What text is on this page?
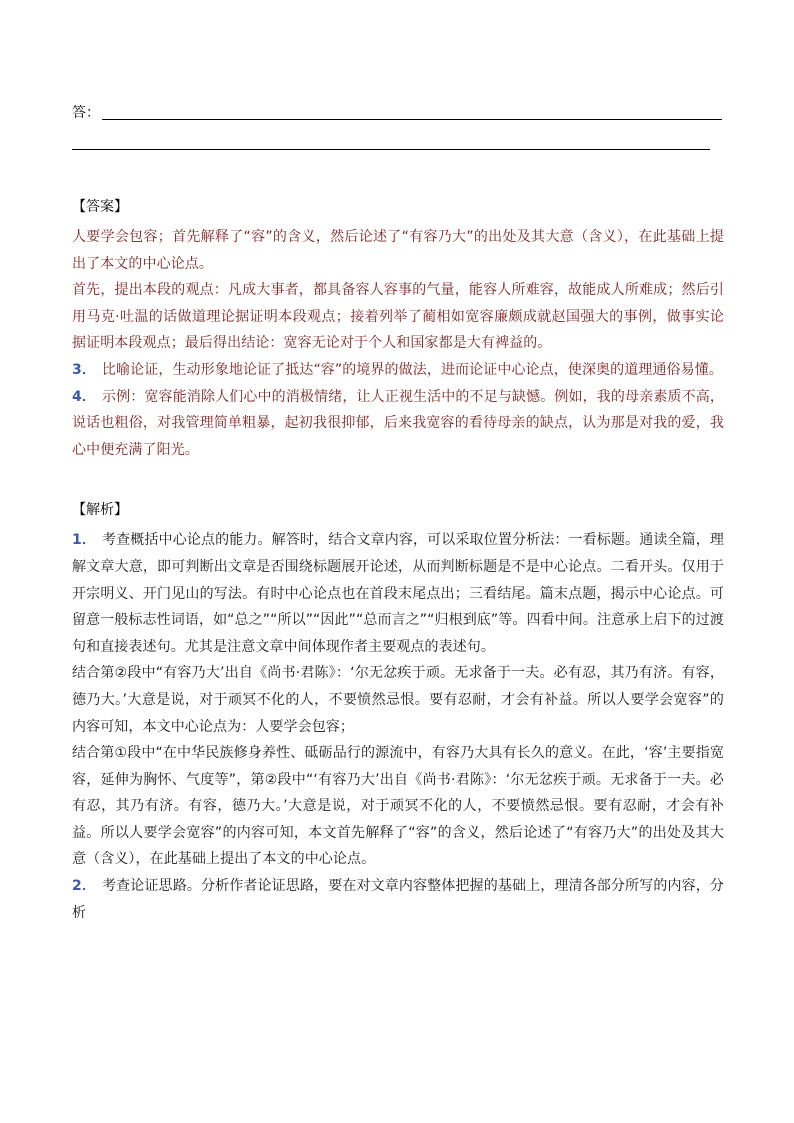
答：
【答案】

人要学会包容；首先解释了“容”的含义，然后论述了“有容乃大”的出处及其大意（含义），在此基础上提出了本文的中心论点。

首先，提出本段的观点：凡成大事者，都具备容人容事的气量，能容人所难容，故能成人所难成；然后引用马克·吐温的话做道理论据证明本段观点；接着列举了蔺相如宽容廉颇成就赵国强大的事例，做事实论据证明本段观点；最后得出结论：宽容无论对于个人和国家都是大有裨益的。

3． 比喻论证，生动形象地论证了抵达“容”的境界的做法，进而论证中心论点，使深奥的道理通俗易懂。

4． 示例：宽容能消除人们心中的消极情绪，让人正视生活中的不足与缺憾。例如，我的母亲素质不高，说话也粗俗，对我管理简单粗暴，起初我很抑郁，后来我宽容的看待母亲的缺点，认为那是对我的爱，我心中便充满了阳光。

【解析】

1． 考查概括中心论点的能力。解答时，结合文章内容，可以采取位置分析法：一看标题。通读全篇，理解文章大意，即可判断出文章是否围绕标题展开论述，从而判断标题是不是中心论点。二看开头。仅用于开宗明义、开门见山的写法。有时中心论点也在首段末尾点出；三看结尾。篇末点题，揭示中心论点。可留意一般标志性词语，如“总之”“所以”“因此”“总而言之”“归根到底”等。四看中间。注意承上启下的过渡句和直接表述句。尤其是注意文章中间体现作者主要观点的表述句。

结合第②段中“有容乃大’出自《尚书·君陈》：‘尔无忿疾于顽。无求备于一夫。必有忍，其乃有济。有容，德乃大。’大意是说，对于顽冥不化的人，不要愤然忌恨。要有忍耐，才会有补益。所以人要学会宽容”的内容可知，本文中心论点为：人要学会包容；

结合第①段中“在中华民族修身养性、砥砺品行的源流中，有容乃大具有长久的意义。在此，‘容’主要指宽容，延伸为胸怀、气度等”，第②段中“‘有容乃大’出自《尚书·君陈》：‘尔无忿疾于顽。无求备于一夫。必有忍，其乃有济。有容，德乃大。’大意是说，对于顽冥不化的人，不要愤然忌恨。要有忍耐，才会有补益。所以人要学会宽容”的内容可知，本文首先解释了“容”的含义，然后论述了“有容乃大”的出处及其大意（含义），在此基础上提出了本文的中心论点。

2． 考查论证思路。分析作者论证思路，要在对文章内容整体把握的基础上，理清各部分所写的内容，分析
